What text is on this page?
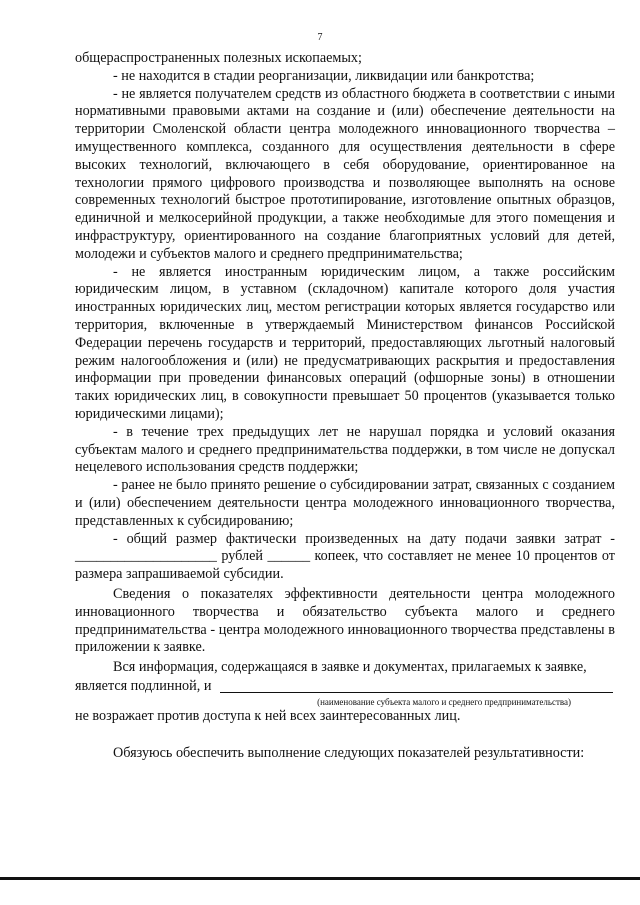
7

общераспространенных полезных ископаемых;

- не находится в стадии реорганизации, ликвидации или банкротства;

- не является получателем средств из областного бюджета в соответствии с иными нормативными правовыми актами на создание и (или) обеспечение деятельности на территории Смоленской области центра молодежного инновационного творчества – имущественного комплекса, созданного для осуществления деятельности в сфере высоких технологий, включающего в себя оборудование, ориентированное на технологии прямого цифрового производства и позволяющее выполнять на основе современных технологий быстрое прототипирование, изготовление опытных образцов, единичной и мелкосерийной продукции, а также необходимые для этого помещения и инфраструктуру, ориентированного на создание благоприятных условий для детей, молодежи и субъектов малого и среднего предпринимательства;

- не является иностранным юридическим лицом, а также российским юридическим лицом, в уставном (складочном) капитале которого доля участия иностранных юридических лиц, местом регистрации которых является государство или территория, включенные в утверждаемый Министерством финансов Российской Федерации перечень государств и территорий, предоставляющих льготный налоговый режим налогообложения и (или) не предусматривающих раскрытия и предоставления информации при проведении финансовых операций (офшорные зоны) в отношении таких юридических лиц, в совокупности превышает 50 процентов (указывается только юридическими лицами);

- в течение трех предыдущих лет не нарушал порядка и условий оказания субъектам малого и среднего предпринимательства поддержки, в том числе не допускал нецелевого использования средств поддержки;

- ранее не было принято решение о субсидировании затрат, связанных с созданием и (или) обеспечением деятельности центра молодежного инновационного творчества, представленных к субсидированию;

- общий размер фактически произведенных на дату подачи заявки затрат - ____________________ рублей ______ копеек, что составляет не менее 10 процентов от размера запрашиваемой субсидии.

Сведения о показателях эффективности деятельности центра молодежного инновационного творчества и обязательство субъекта малого и среднего предпринимательства - центра молодежного инновационного творчества представлены в приложении к заявке.

Вся информация, содержащаяся в заявке и документах, прилагаемых к заявке,

является подлинной, и
(наименование субъекта малого и среднего предпринимательства)

не возражает против доступа к ней всех заинтересованных лиц.

Обязуюсь обеспечить выполнение следующих показателей результативности:
